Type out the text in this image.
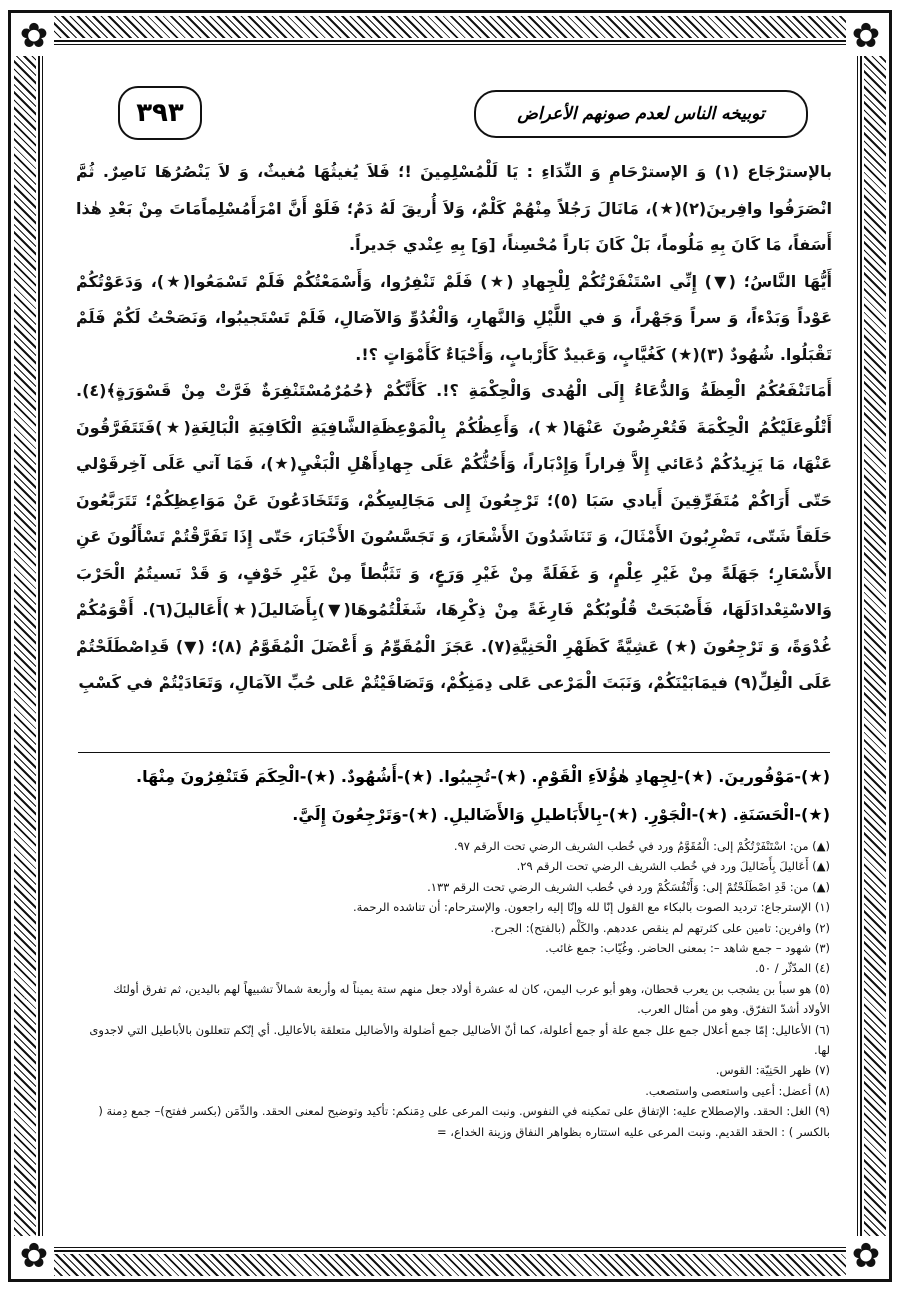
✿	✿
✿	✿
توبيخه الناس لعدم صونهم الأعراض
٣٩٣

بالإسترْجَاع (١) وَ الإسترْحَامِ وَ النِّدَاءِ : يَا لَلْمُسْلِمِينَ !؛ فَلاَ يُغيثُهَا مُغيثٌ، وَ لاَ يَنْصُرُهَا نَاصِرٌ. ثُمَّ انْصَرَفُوا وافِرينَ(٢)(★)، مَانَالَ رَجُلاً مِنْهُمْ كَلْمٌ، وَلاَ أُريقَ لَهُ دَمٌ؛ فَلَوْ أَنَّ امْرَأَمُسْلِماًمَاتَ مِنْ بَعْدِ هٰذا أَسَفاً، مَا كَانَ بِهِ مَلُوماً، بَلْ كَانَ بَاراً مُحْسِناً، [وَ] بِهِ عِنْدي جَديراً.

أَيُّهَا النَّاسُ؛ (▼) إِنِّي اسْتَنْفَرْتُكُمْ لِلْجِهادِ (★) فَلَمْ تَنْفِرُوا، وَأَسْمَعْتُكُمْ فَلَمْ تَسْمَعُوا(★)، وَدَعَوْتُكُمْ عَوْداً وَبَدْءاً، وَ سراً وَجَهْراً، وَ في اللَّيْلِ وَالنَّهارِ، وَالْغُدُوِّ وَالآصَالِ، فَلَمْ تَسْتَجيبُوا، وَنَصَحْتُ لَكُمْ فَلَمْ تَقْبَلُوا. شُهُودٌ (٣)(★) كَغُيَّابٍ، وَعَبيدٌ كَأَرْبابٍ، وَأَحْيَاءٌ كَأَمْوَاتٍ ؟!.

أَمَاتَنْفَعُكُمُ الْعِظَةُ وَالدُّعَاءُ إِلَى الْهُدى وَالْحِكْمَةِ ؟!. كَأَنَّكُمْ ﴿حُمُرٌمُسْتَنْفِرَةٌ فَرَّتْ مِنْ قَسْوَرَةٍ﴾(٤). أَتْلُوعَلَيْكُمُ الْحِكْمَةَ فَتُعْرِضُونَ عَنْهَا(★)، وَأَعِظُكُمْ بِالْمَوْعِظَةِالشَّافِيَةِ الْكَافِيَةِ الْبَالِغَةِ(★)فَتَتَفَرَّقُونَ عَنْهَا، مَا يَزِيدُكُمْ دُعَائي إِلاَّ فِراراً وَإِدْبَاراً، وَأَحُثُّكُمْ عَلَى جِهادِأَهْلِ الْبَغْيِ(★)، فَمَا آتي عَلَى آخِرقَوْلي حَتّى أَرَاكُمْ مُتَفَرِّقِينَ أَيادي سَبَا (٥)؛ تَرْجِعُونَ إِلى مَجَالِسِكُمْ، وَتَتَخَادَعُونَ عَنْ مَوَاعِظِكُمْ؛ تَتَرَبَّعُونَ حَلَقاً شَتّى، تَضْرِبُونَ الأَمْثَالَ، وَ تَنَاشَدُونَ الأَشْعَارَ، وَ تَجَسَّسُونَ الأَخْبَارَ، حَتّى إِذَا تَفَرَّقْتُمْ تَسْأَلُونَ عَنِ الأَسْعَارِ؛ جَهَلَةً مِنْ غَيْرِ عِلْمٍ، وَ غَفَلَةً مِنْ غَيْرِ وَرَعٍ، وَ تَثَبُّطاً مِنْ غَيْرِ خَوْفٍ، وَ قَدْ نَسيتُمُ الْحَرْبَ وَالاسْتِعْدادَلَهَا، فَأَصْبَحَتْ قُلُوبُكُمْ فَارِغَةً مِنْ ذِكْرِهَا، شَغَلْتُمُوهَا(▼)بِأَضَاليلَ(★)أَعَاليلَ(٦). أَقْوَمُكُمْ غُدْوَةً، وَ تَرْجِعُونَ (★) عَشِيَّةً كَظَهْرِ الْحَنِيَّةِ(٧). عَجَزَ الْمُقَوِّمُ وَ أَعْضَلَ الْمُقَوَّمُ (٨)؛ (▼) قَدِاصْطَلَحْتُمْ عَلَى الْغِلِّ(٩) فيمَابَيْنَكُمْ، وَنَبَتَ الْمَرْعى عَلى دِمَنِكُمْ، وَتَصَافَيْتُمْ عَلى حُبِّ الآمَالِ، وَتَعَادَيْتُمْ في كَسْبِ

(★)-مَوْفُورينَ. (★)-لِجِهادِ هٰؤُلاَءِ الْقَوْمِ. (★)-تُجِيبُوا. (★)-أَشُهُودٌ. (★)-الْحِكَمَ فَتَنْفِرُونَ مِنْهَا.
(★)-الْحَسَنَةِ. (★)-الْجَوْرِ. (★)-بِالأَبَاطيلِ وَالأَضَاليلِ. (★)-وَتَرْجِعُونَ إِلَيَّ.
(▲) من: اسْتَنْفَرْتُكُمْ إلى: الْمُقَوَّمُ ورد في خُطب الشريف الرضي تحت الرقم ٩٧.
(▲) أَعَاليلَ بِأَضَاليلَ ورد في خُطب الشريف الرضي تحت الرقم ٢٩.
(▲) من: قَدِ اصْطَلَحْتُمْ إلى: وَأَنْفُسَكُمْ ورد في خُطب الشريف الرضي تحت الرقم ١٣٣.
(١) الإسترجاع: ترديد الصوت بالبكاء مع القول إنّا لله وإنّا إليه راجعون. والإسترحام: أن تناشده الرحمة.
(٢) وافرين: تامين على كثرتهم لم ينقص عددهم. والكَلْم (بالفتح): الجرح.
(٣) شهود – جمع شاهد –: بمعنى الحاضر. وغُيّاب: جمع غائب.
(٤) المدّثّر / ٥٠.
(٥) هو سبأ بن يشجب بن يعرب قحطان، وهو أبو عرب اليمن، كان له عشرة أولاد جعل منهم ستة يميناً له وأربعة شمالاً تشبيهاً لهم باليدين، ثم تفرق أولئك الأولاد أشدّ التفرّق. وهو من أمثال العرب.
(٦) الأعاليل: إمّا جمع أعلال جمع علل جمع علة أو جمع أعلولة، كما أنّ الأضاليل جمع أضلولة والأضاليل متعلقة بالأعاليل. أي إنّكم تتعللون بالأباطيل التي لاجدوى لها.
(٧) ظهر الحَنِيّة: القوس.
(٨) أعضل: أعيى واستعصى واستصعب.
(٩) الغل: الحقد. والإصطلاح عليه: الإتفاق على تمكينه في النفوس. ونبت المرعى على دِمَنكم: تأكيد وتوضيح لمعنى الحقد. والدِّمَن (بكسر ففتح)– جمع دِمنة ( بالكسر ) : الحقد القديم. ونبت المرعى عليه استتاره بظواهر النفاق وزينة الخداع، =
